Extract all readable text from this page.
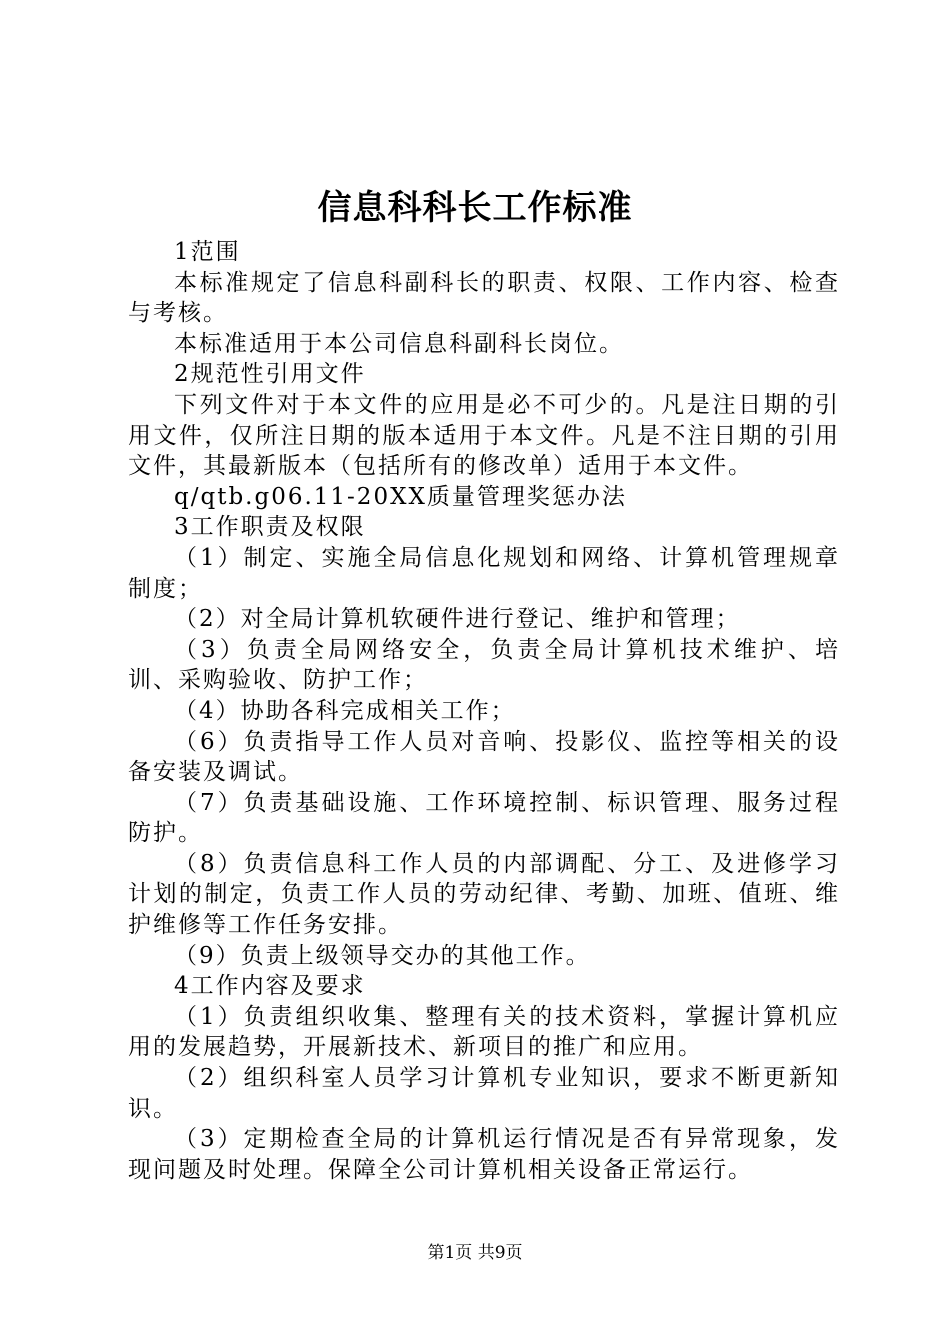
信息科科长工作标准

1范围

本标准规定了信息科副科长的职责、权限、工作内容、检查与考核。

本标准适用于本公司信息科副科长岗位。

2规范性引用文件

下列文件对于本文件的应用是必不可少的。凡是注日期的引用文件，仅所注日期的版本适用于本文件。凡是不注日期的引用文件，其最新版本（包括所有的修改单）适用于本文件。

q/qtb.g06.11-20XX质量管理奖惩办法

3工作职责及权限

（1）制定、实施全局信息化规划和网络、计算机管理规章制度；

（2）对全局计算机软硬件进行登记、维护和管理；

（3）负责全局网络安全，负责全局计算机技术维护、培训、采购验收、防护工作；

（4）协助各科完成相关工作；

（6）负责指导工作人员对音响、投影仪、监控等相关的设备安装及调试。

（7）负责基础设施、工作环境控制、标识管理、服务过程防护。

（8）负责信息科工作人员的内部调配、分工、及进修学习计划的制定，负责工作人员的劳动纪律、考勤、加班、值班、维护维修等工作任务安排。

（9）负责上级领导交办的其他工作。

4工作内容及要求

（1）负责组织收集、整理有关的技术资料，掌握计算机应用的发展趋势，开展新技术、新项目的推广和应用。

（2）组织科室人员学习计算机专业知识，要求不断更新知识。

（3）定期检查全局的计算机运行情况是否有异常现象，发现问题及时处理。保障全公司计算机相关设备正常运行。

第1页 共9页
